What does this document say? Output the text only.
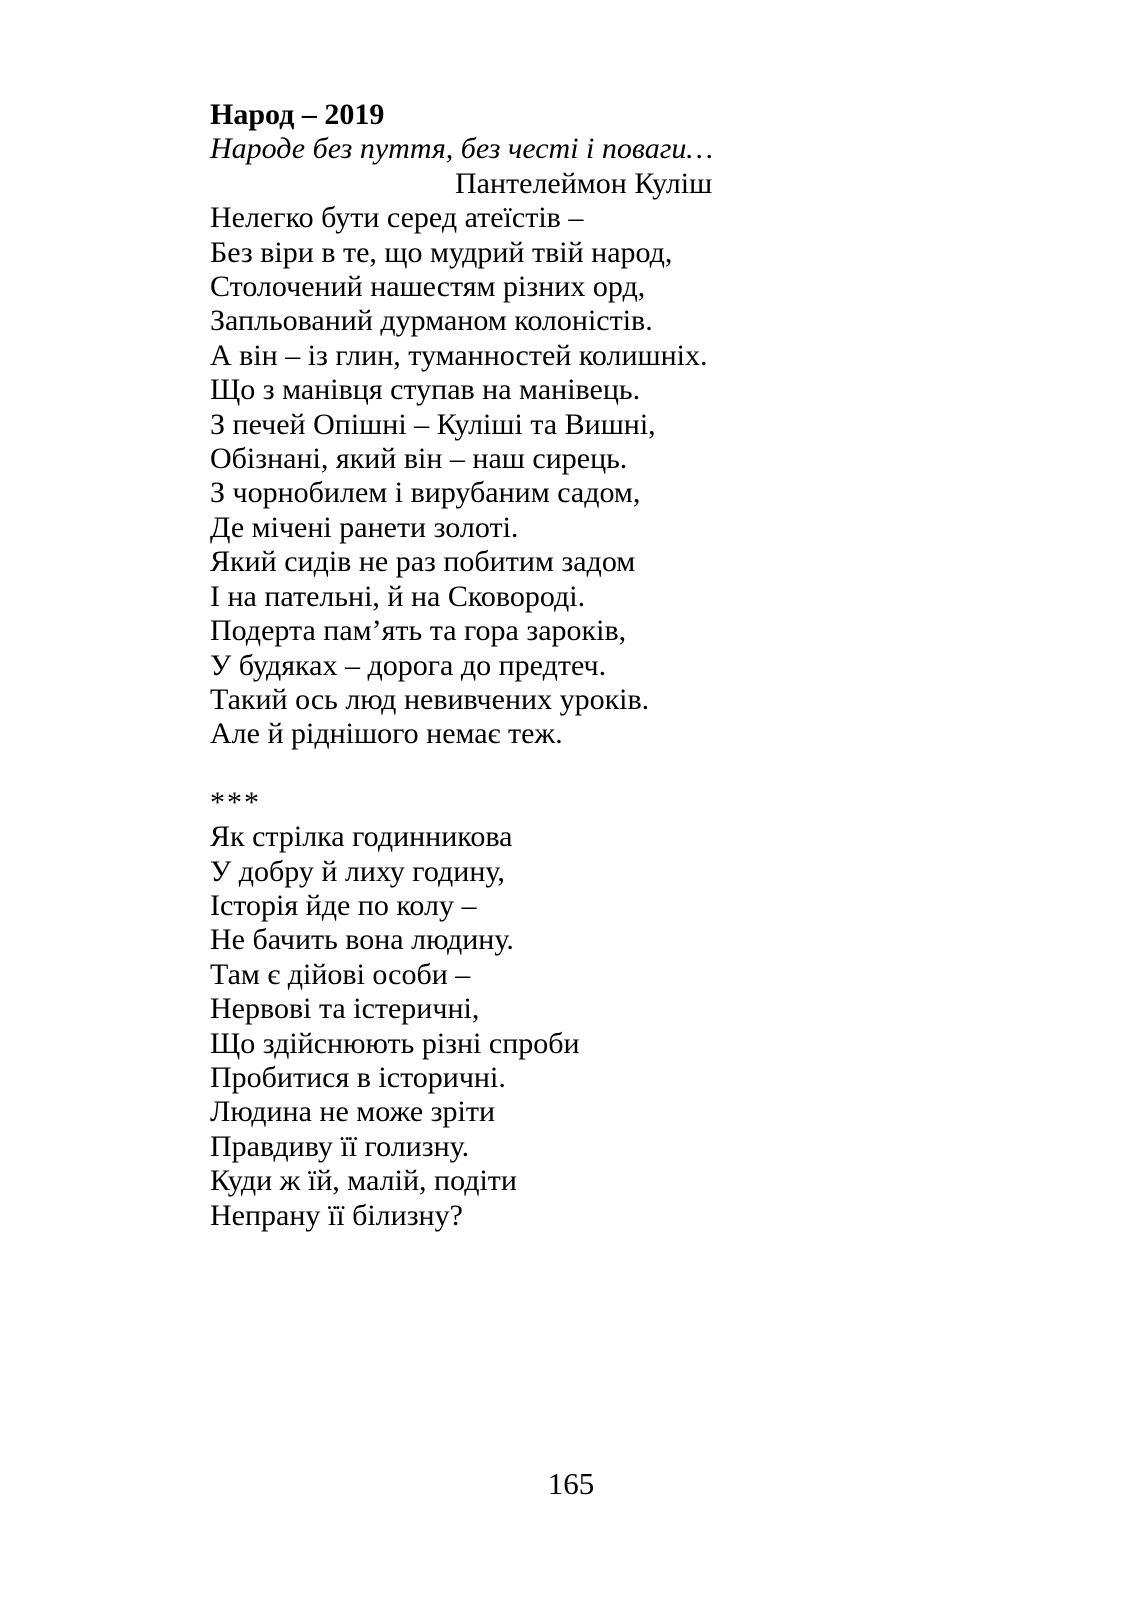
Народ – 2019
Народе без пуття, без честі і поваги…
Пантелеймон Куліш
Нелегко бути серед атеїстів –
Без віри в те, що мудрий твій народ,
Столочений нашестям різних орд,
Запльований дурманом колоністів.
А він – із глин, туманностей колишніх.
Що з манівця ступав на манівець.
З печей Опішні – Куліші та Вишні,
Обізнані, який він – наш сирець.
З чорнобилем і вирубаним садом,
Де мічені ранети золоті.
Який сидів не раз побитим задом
І на пательні, й на Сковороді.
Подерта пам’ять та гора зароків,
У будяках – дорога до предтеч.
Такий ось люд невивчених уроків.
Але й ріднішого немає теж.
***
Як стрілка годинникова
У добру й лиху годину,
Історія йде по колу –
Не бачить вона людину.
Там є дійові особи –
Нервові та істеричні,
Що здійснюють різні спроби
Пробитися в історичні.
Людина не може зріти
Правдиву її голизну.
Куди ж їй, малій, подіти
Непрану її білизну?
165
